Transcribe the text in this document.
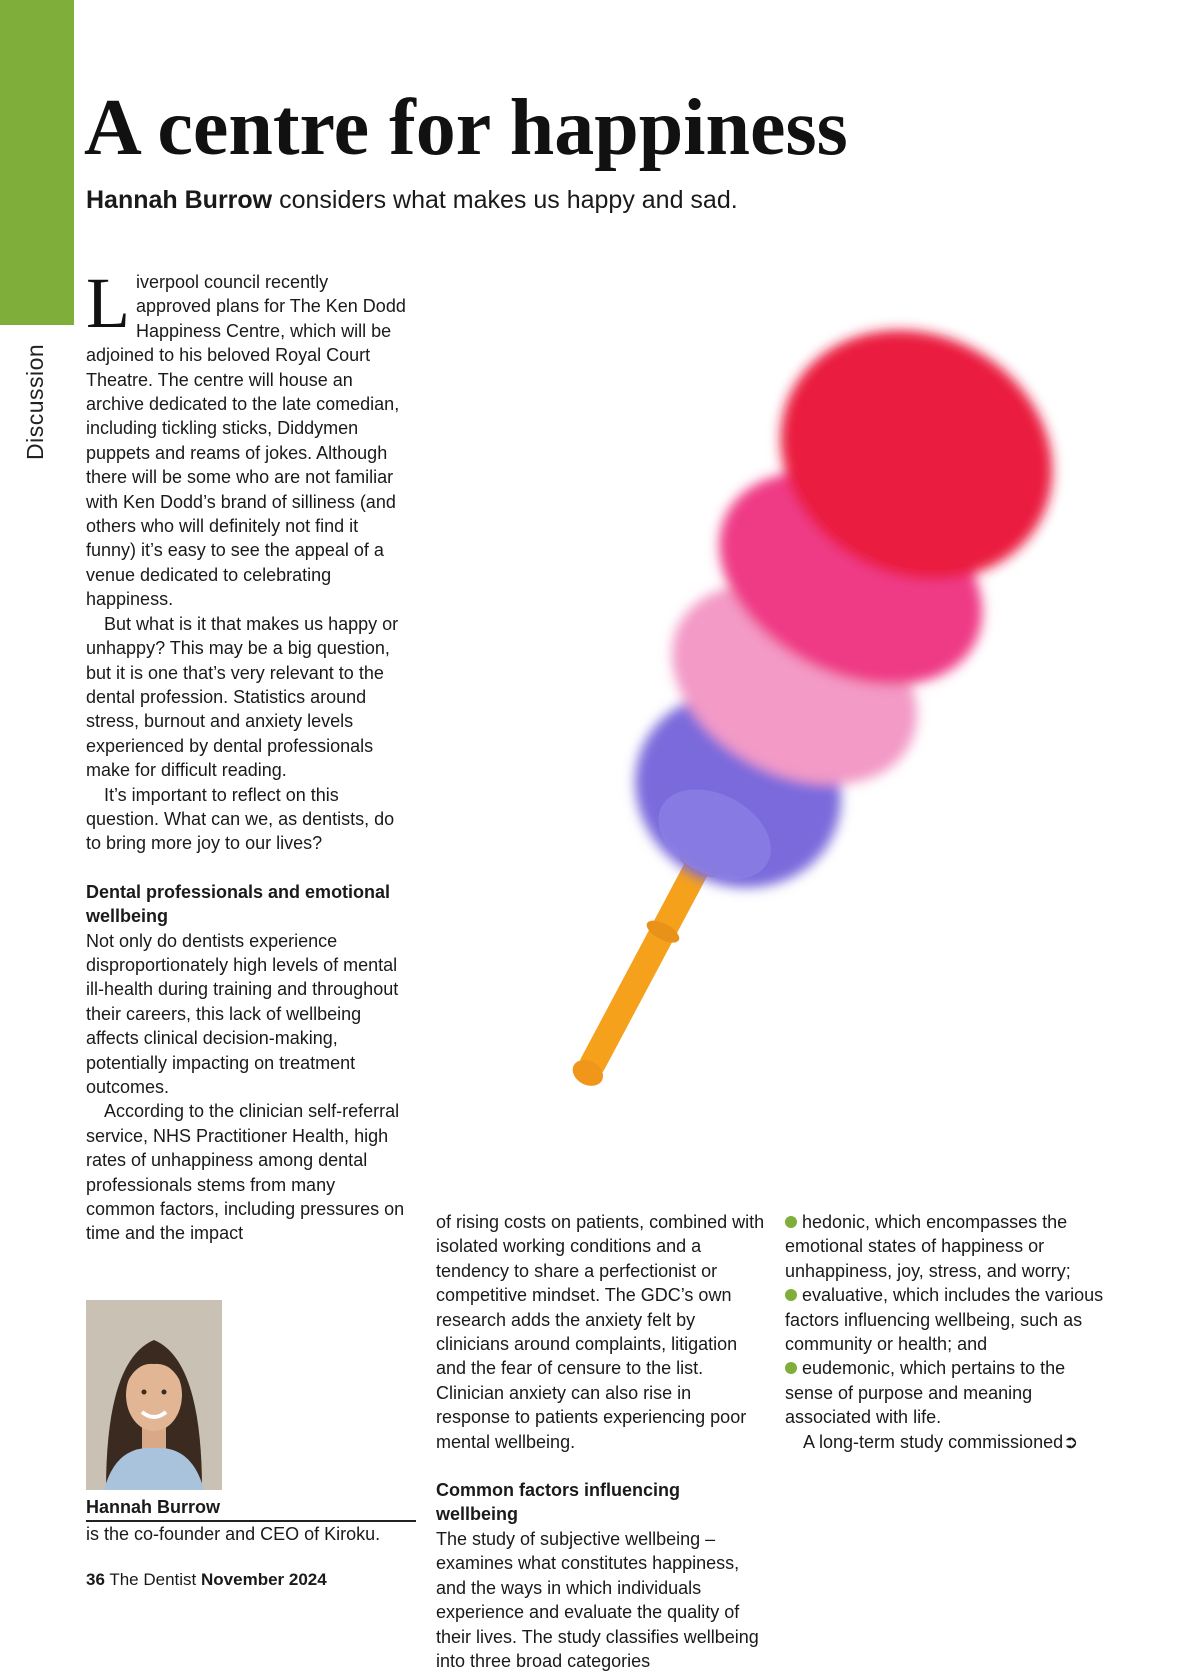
Discussion
A centre for happiness
Hannah Burrow considers what makes us happy and sad.

Liverpool council recently approved plans for The Ken Dodd Happiness Centre, which will be adjoined to his beloved Royal Court Theatre. The centre will house an archive dedicated to the late comedian, including tickling sticks, Diddymen puppets and reams of jokes. Although there will be some who are not familiar with Ken Dodd’s brand of silliness (and others who will definitely not find it funny) it’s easy to see the appeal of a venue dedicated to celebrating happiness.

But what is it that makes us happy or unhappy? This may be a big question, but it is one that’s very relevant to the dental profession. Statistics around stress, burnout and anxiety levels experienced by dental professionals make for difficult reading.

It’s important to reflect on this question. What can we, as dentists, do to bring more joy to our lives?

Dental professionals and emotional wellbeing

Not only do dentists experience disproportionately high levels of mental ill-health during training and throughout their careers, this lack of wellbeing affects clinical decision-making, potentially impacting on treatment outcomes.

According to the clinician self-referral service, NHS Practitioner Health, high rates of unhappiness among dental professionals stems from many common factors, including pressures on time and the impact

of rising costs on patients, combined with isolated working conditions and a tendency to share a perfectionist or competitive mindset. The GDC’s own research adds the anxiety felt by clinicians around complaints, litigation and the fear of censure to the list. Clinician anxiety can also rise in response to patients experiencing poor mental wellbeing.

Common factors influencing wellbeing

The study of subjective wellbeing – examines what constitutes happiness, and the ways in which individuals experience and evaluate the quality of their lives. The study classifies wellbeing into three broad categories

hedonic, which encompasses the emotional states of happiness or unhappiness, joy, stress, and worry;

evaluative, which includes the various factors influencing wellbeing, such as community or health; and

eudemonic, which pertains to the sense of purpose and meaning associated with life.

A long-term study commissioned➲

Hannah Burrow
is the co-founder and CEO of Kiroku.
36 The Dentist November 2024
